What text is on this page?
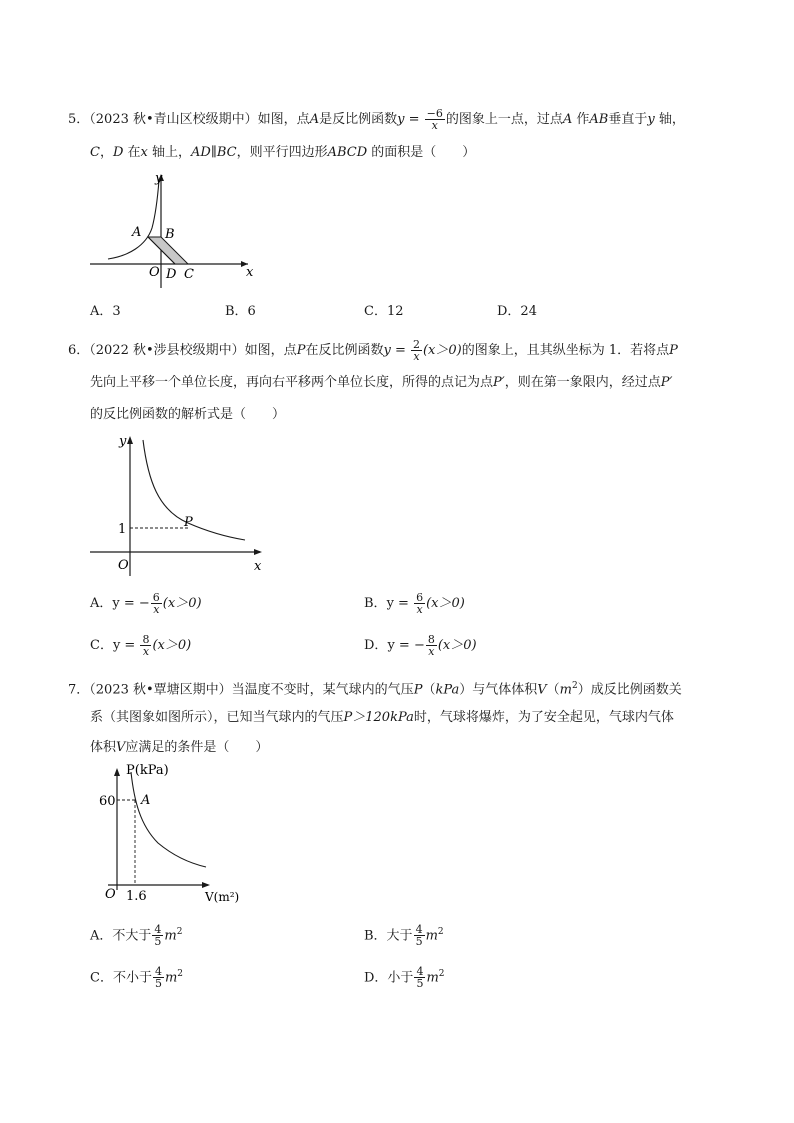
5．（2023 秋•青山区校级期中）如图，点A是反比例函数$y = \frac{-6}{x}$ 的图象上一点，过点A 作AB垂直于y 轴，
C，D 在x 轴上，AD∥BC，则平行四边形ABCD 的面积是（　　）
y
x
A B
O D C
A．3	B．6	C．12	D．24
6．（2022 秋•涉县校级期中）如图，点P在反比例函数$y = \frac{2}{x} (x>0)$的图象上，且其纵坐标为 1．若将点P
先向上平移一个单位长度，再向右平移两个单位长度，所得的点记为点P′，则在第一象限内，经过点P′
的反比例函数的解析式是（　　）
y
1	P
O	x
A．y = − $\frac{6}{x} (x>0)$	B．$y = \frac{6}{x} (x>0)$
C．$y = \frac{8}{x} (x>0)$	D．y = − $\frac{8}{x} (x>0)$
7．（2023 秋•覃塘区期中）当温度不变时，某气球内的气压P（kPa）与气体体积$V(m^2)$成反比例函数关
系（其图象如图所示），已知当气球内的气压P＞120kPa时，气球将爆炸，为了安全起见，气球内气体
体积V应满足的条件是（　　）
P(kPa)
60 A
O 1.6	V(m²)
A．不大于 $\frac{4}{5} m^2$	B．大于 $\frac{4}{5} m^2$
C．不小于 $\frac{4}{5} m^2$	D．小于 $\frac{4}{5} m^2$
